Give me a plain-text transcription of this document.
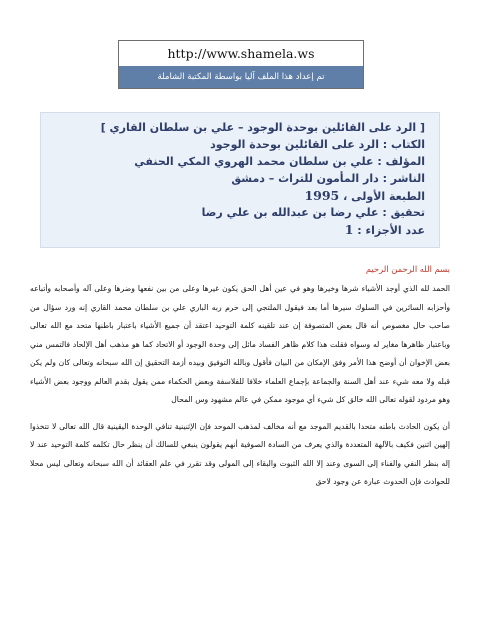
http://www.shamela.ws
تم إعداد هذا الملف آليا بواسطة المكتبة الشاملة
[ الرد على القائلين بوحدة الوجود – علي بن سلطان القاري ]
الكتاب : الرد على القائلين بوحدة الوجود
المؤلف : علي بن سلطان محمد الهروي المكي الحنفي
الناشر : دار المأمون للتراث – دمشق
الطبعة الأولى ، 1995
تحقيق : علي رضا بن عبدالله بن علي رضا
عدد الأجزاء : 1
بسم الله الرحمن الرحيم

الحمد لله الذي أوجد الأشياء شرها وخيرها وهو في عين أهل الحق يكون غيرها وعلى من بين نفعها وضرها وعلى آله وأصحابه وأتباعه وأحزابه السائرين في السلوك سيرها أما بعد فيقول الملتجي إلى حرم ربه الباري علي بن سلطان محمد القاري إنه ورد سؤال من صاحب حال مغصوص أنه قال بعض المتصوفة إن عند تلقينه كلمة التوحيد اعتقد أن جميع الأشياء باعتبار باطنها متحد مع الله تعالى وباعتبار ظاهرها مغاير له وسواه فقلت هذا كلام ظاهر الفساد مائل إلى وحدة الوجود أو الاتحاد كما هو مذهب أهل الإلحاد فالتمس مني بعض الإخوان أن أوضح هذا الأمر وفق الإمكان من البيان فأقول وبالله التوفيق وبيده أزمة التحقيق إن الله سبحانه وتعالى كان ولم يكن قبله ولا معه شيء عند أهل السنة والجماعة بإجماع العلماء خلافا للفلاسفة وبعض الحكماء ممن يقول بقدم العالم ووجود بعض الأشياء وهو مردود لقوله تعالى الله خالق كل شيء أي موجود ممكن في عالم مشهود وس المحال

أن يكون الحادث باطنه متحدا بالقديم الموجد مع أنه مخالف لمذهب الموحد فإن الإثنينية تنافي الوحدة اليقينية قال الله تعالى لا تتخذوا إلهين اثنين فكيف بالآلهة المتعددة والذي يعرف من السادة الصوفية أنهم يقولون ينبغي للسالك أن ينظر حال تكلمه كلمة التوحيد عند لا إله بنظر النفي والفناء إلى السوى وعند إلا الله الثبوت والبقاء إلى المولى وقد تقرر في علم العقائد أن الله سبحانه وتعالى ليس محلا للحوادث فإن الحدوث عبارة عن وجود لاحق
